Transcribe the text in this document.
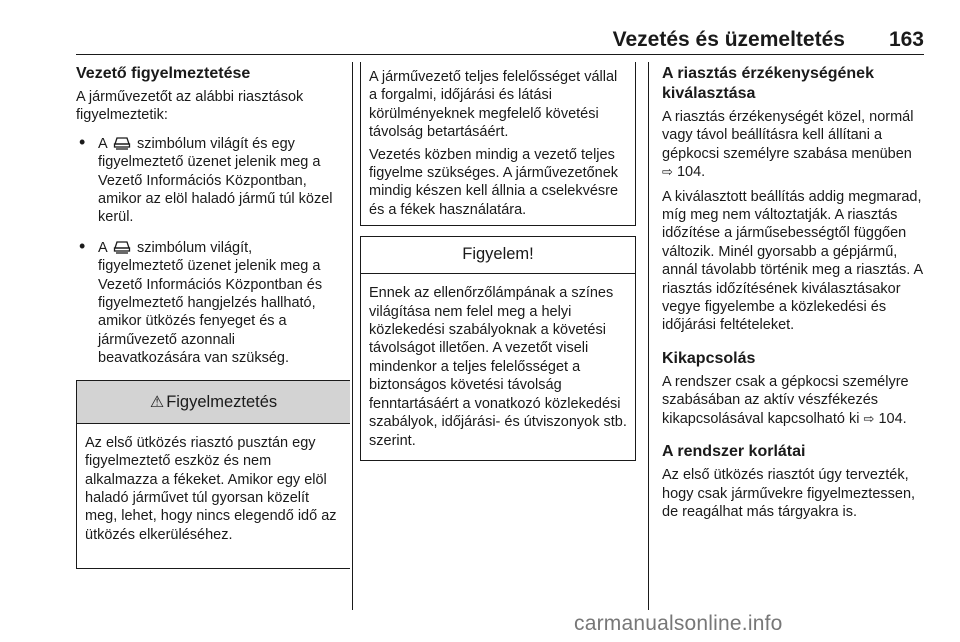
Vezetés és üzemeltetés 163
Vezető figyelmeztetése

A járművezetőt az alábbi riasztások figyelmeztetik:

• A szimbólum világít és egy figyelmeztető üzenet jelenik meg a Vezető Információs Központban, amikor az elöl haladó jármű túl közel kerül.
• A szimbólum világít, figyelmeztető üzenet jelenik meg a Vezető Információs Központban és figyelmeztető hangjelzés hallható, amikor ütközés fenyeget és a járművezető azonnali beavatkozására van szükség.
⚠ Figyelmeztetés

Az első ütközés riasztó pusztán egy figyelmeztető eszköz és nem alkalmazza a fékeket. Amikor egy elöl haladó járművet túl gyorsan közelít meg, lehet, hogy nincs elegendő idő az ütközés elkerüléséhez.

A járművezető teljes felelősséget vállal a forgalmi, időjárási és látási körülményeknek megfelelő követési távolság betartásáért.

Vezetés közben mindig a vezető teljes figyelme szükséges. A járművezetőnek mindig készen kell állnia a cselekvésre és a fékek használatára.

Figyelem!

Ennek az ellenőrzőlámpának a színes világítása nem felel meg a helyi közlekedési szabályoknak a követési távolságot illetően. A vezetőt viseli mindenkor a teljes felelősséget a biztonságos követési távolság fenntartásáért a vonatkozó közlekedési szabályok, időjárási- és útviszonyok stb. szerint.

A riasztás érzékenységének kiválasztása

A riasztás érzékenységét közel, normál vagy távol beállításra kell állítani a gépkocsi személyre szabása menüben ⇨ 104.

A kiválasztott beállítás addig megmarad, míg meg nem változtatják. A riasztás időzítése a járműsebességtől függően változik. Minél gyorsabb a gépjármű, annál távolabb történik meg a riasztás. A riasztás időzítésének kiválasztásakor vegye figyelembe a közlekedési és időjárási feltételeket.

Kikapcsolás

A rendszer csak a gépkocsi személyre szabásában az aktív vészfékezés kikapcsolásával kapcsolható ki ⇨ 104.

A rendszer korlátai

Az első ütközés riasztót úgy tervezték, hogy csak járművekre figyelmeztessen, de reagálhat más tárgyakra is.

carmanualsonline.info
